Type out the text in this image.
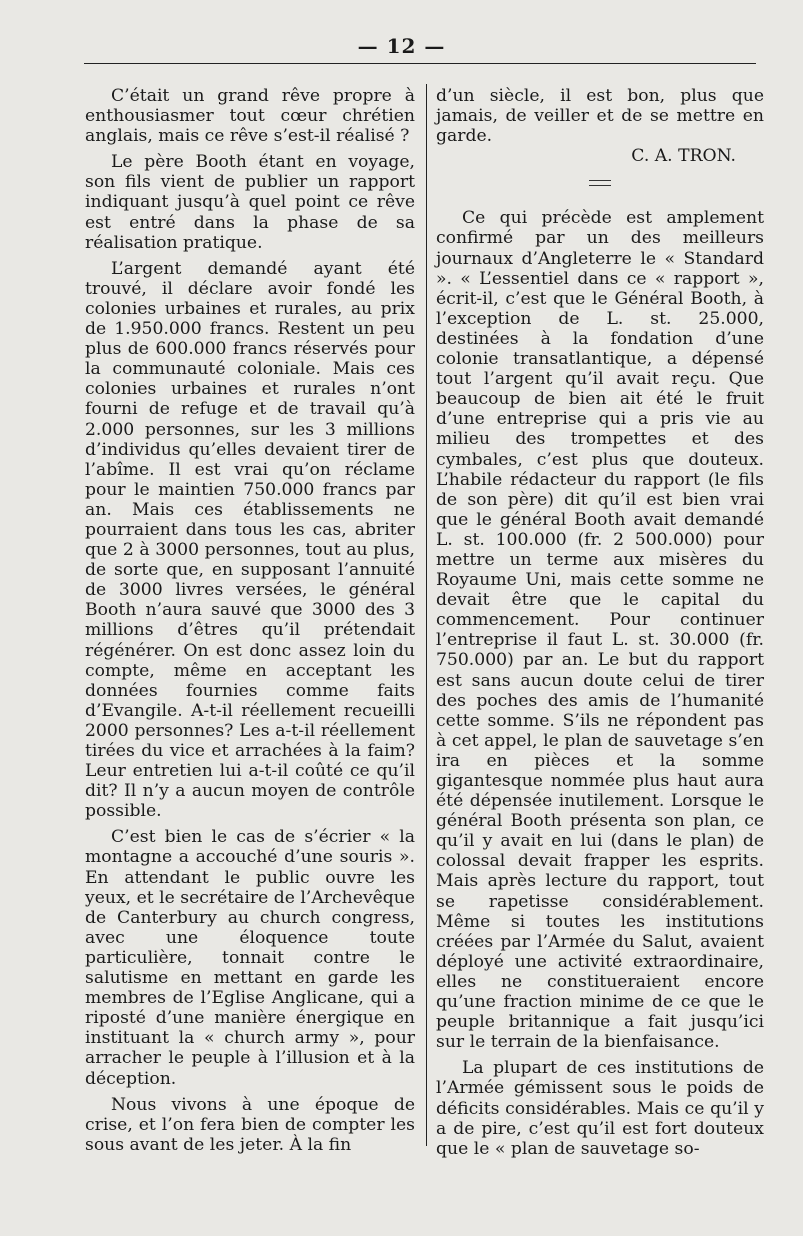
— 12 —

C’était un grand rêve propre à enthousiasmer tout cœur chrétien anglais, mais ce rêve s’est-il réalisé ?

Le père Booth étant en voyage, son fils vient de publier un rapport indiquant jusqu’à quel point ce rêve est entré dans la phase de sa réalisation pratique.

L’argent demandé ayant été trouvé, il déclare avoir fondé les colonies urbaines et rurales, au prix de 1.950.000 francs. Restent un peu plus de 600.000 francs réservés pour la communauté coloniale. Mais ces colonies urbaines et rurales n’ont fourni de refuge et de travail qu’à 2.000 personnes, sur les 3 millions d’individus qu’elles devaient tirer de l’abîme. Il est vrai qu’on réclame pour le maintien 750.000 francs par an. Mais ces établissements ne pourraient dans tous les cas, abriter que 2 à 3000 personnes, tout au plus, de sorte que, en supposant l’annuité de 3000 livres versées, le général Booth n’aura sauvé que 3000 des 3 millions d’êtres qu’il prétendait régénérer. On est donc assez loin du compte, même en acceptant les données fournies comme faits d’Evangile. A-t-il réellement recueilli 2000 personnes? Les a-t-il réellement tirées du vice et arrachées à la faim? Leur entretien lui a-t-il coûté ce qu’il dit? Il n’y a aucun moyen de contrôle possible.

C’est bien le cas de s’écrier « la montagne a accouché d’une souris ». En attendant le public ouvre les yeux, et le secrétaire de l’Archevêque de Canterbury au church congress, avec une éloquence toute particulière, tonnait contre le salutisme en mettant en garde les membres de l’Eglise Anglicane, qui a riposté d’une manière énergique en instituant la « church army », pour arracher le peuple à l’illusion et à la déception.

Nous vivons à une époque de crise, et l’on fera bien de compter les sous avant de les jeter. À la fin

d’un siècle, il est bon, plus que jamais, de veiller et de se mettre en garde.

C. A. TRON.

Ce qui précède est amplement confirmé par un des meilleurs journaux d’Angleterre le « Standard ». « L’essentiel dans ce « rapport », écrit-il, c’est que le Général Booth, à l’exception de L. st. 25.000, destinées à la fondation d’une colonie transatlantique, a dépensé tout l’argent qu’il avait reçu. Que beaucoup de bien ait été le fruit d’une entreprise qui a pris vie au milieu des trompettes et des cymbales, c’est plus que douteux. L’habile rédacteur du rapport (le fils de son père) dit qu’il est bien vrai que le général Booth avait demandé L. st. 100.000 (fr. 2 500.000) pour mettre un terme aux misères du Royaume Uni, mais cette somme ne devait être que le capital du commencement. Pour continuer l’entreprise il faut L. st. 30.000 (fr. 750.000) par an. Le but du rapport est sans aucun doute celui de tirer des poches des amis de l’humanité cette somme. S’ils ne répondent pas à cet appel, le plan de sauvetage s’en ira en pièces et la somme gigantesque nommée plus haut aura été dépensée inutilement. Lorsque le général Booth présenta son plan, ce qu’il y avait en lui (dans le plan) de colossal devait frapper les esprits. Mais après lecture du rapport, tout se rapetisse considérablement. Même si toutes les institutions créées par l’Armée du Salut, avaient déployé une activité extraordinaire, elles ne constitueraient encore qu’une fraction minime de ce que le peuple britannique a fait jusqu’ici sur le terrain de la bienfaisance.

La plupart de ces institutions de l’Armée gémissent sous le poids de déficits considérables. Mais ce qu’il y a de pire, c’est qu’il est fort douteux que le « plan de sauvetage so-
